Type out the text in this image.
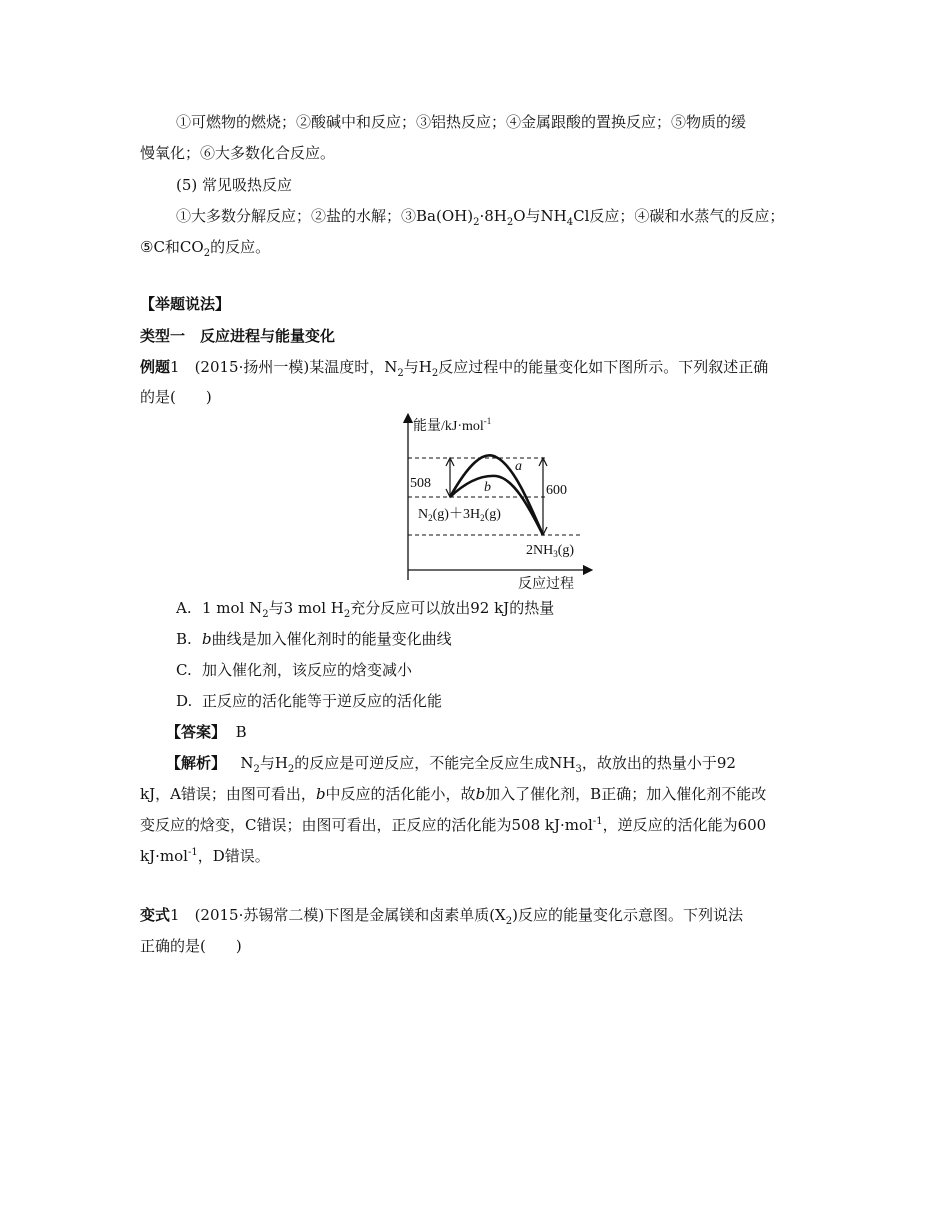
①可燃物的燃烧；②酸碱中和反应；③铝热反应；④金属跟酸的置换反应；⑤物质的缓
慢氧化；⑥大多数化合反应。
(5) 常见吸热反应
①大多数分解反应；②盐的水解；$③Ba(OH)_2\cdot 8H_2O$与$NH_4Cl$反应；④碳和水蒸气的反应；
⑤C和$CO_2$的反应。
【举题说法】
类型一　反应进程与能量变化
例题1　(2015·扬州一模)某温度时，$N_2$与$H_2$反应过程中的能量变化如下图所示。下列叙述正确
的是(　　)
能量/kJ·mol$^{-1}$
反应过程
508	600
a
b
$N_2(g)+3H_2(g)$
$2NH_3(g)$
A. 1 mol $N_2$与3 mol $H_2$充分反应可以放出92 kJ的热量
B. b曲线是加入催化剂时的能量变化曲线
C. 加入催化剂，该反应的焓变减小
D. 正反应的活化能等于逆反应的活化能
【答案】 B
【解析】 $N_2$与$H_2$的反应是可逆反应，不能完全反应生成$NH_3$，故放出的热量小于92
kJ，A错误；由图可看出，b中反应的活化能小，故b加入了催化剂，B正确；加入催化剂不能改
变反应的焓变，C错误；由图可看出，正反应的活化能为508 kJ·mol$^{-1}$，逆反应的活化能为600
kJ·mol$^{-1}$，D错误。
变式1　(2015·苏锡常二模)下图是金属镁和卤素单质$(X_2)$反应的能量变化示意图。下列说法
正确的是(　　)
